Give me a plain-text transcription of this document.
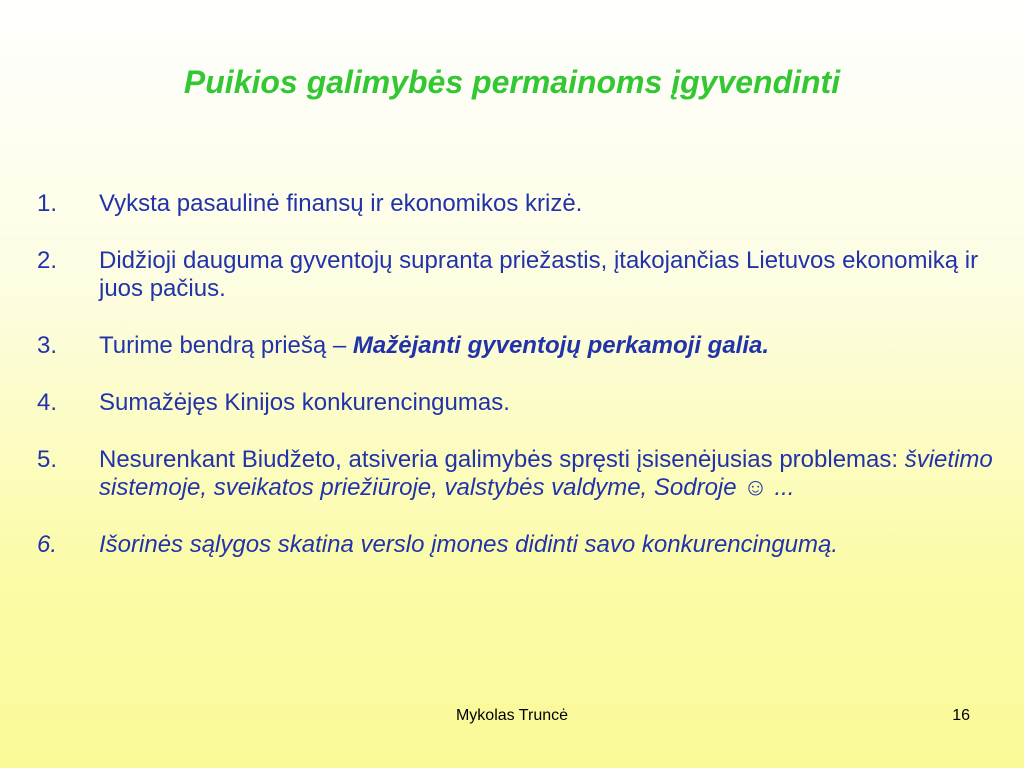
Puikios galimybės permainoms įgyvendinti
1.	Vyksta pasaulinė finansų ir ekonomikos krizė.
2.	Didžioji dauguma gyventojų supranta priežastis, įtakojančias Lietuvos ekonomiką ir juos pačius.
3.	Turime bendrą priešą – Mažėjanti gyventojų perkamoji galia.
4.	Sumažėjęs Kinijos konkurencingumas.
5.	Nesurenkant Biudžeto, atsiveria galimybės spręsti įsisenėjusias problemas: švietimo sistemoje, sveikatos priežiūroje, valstybės valdyme, Sodroje ☺ ...
6.	Išorinės sąlygos skatina verslo įmones didinti savo konkurencingumą.
Mykolas Truncė	16
